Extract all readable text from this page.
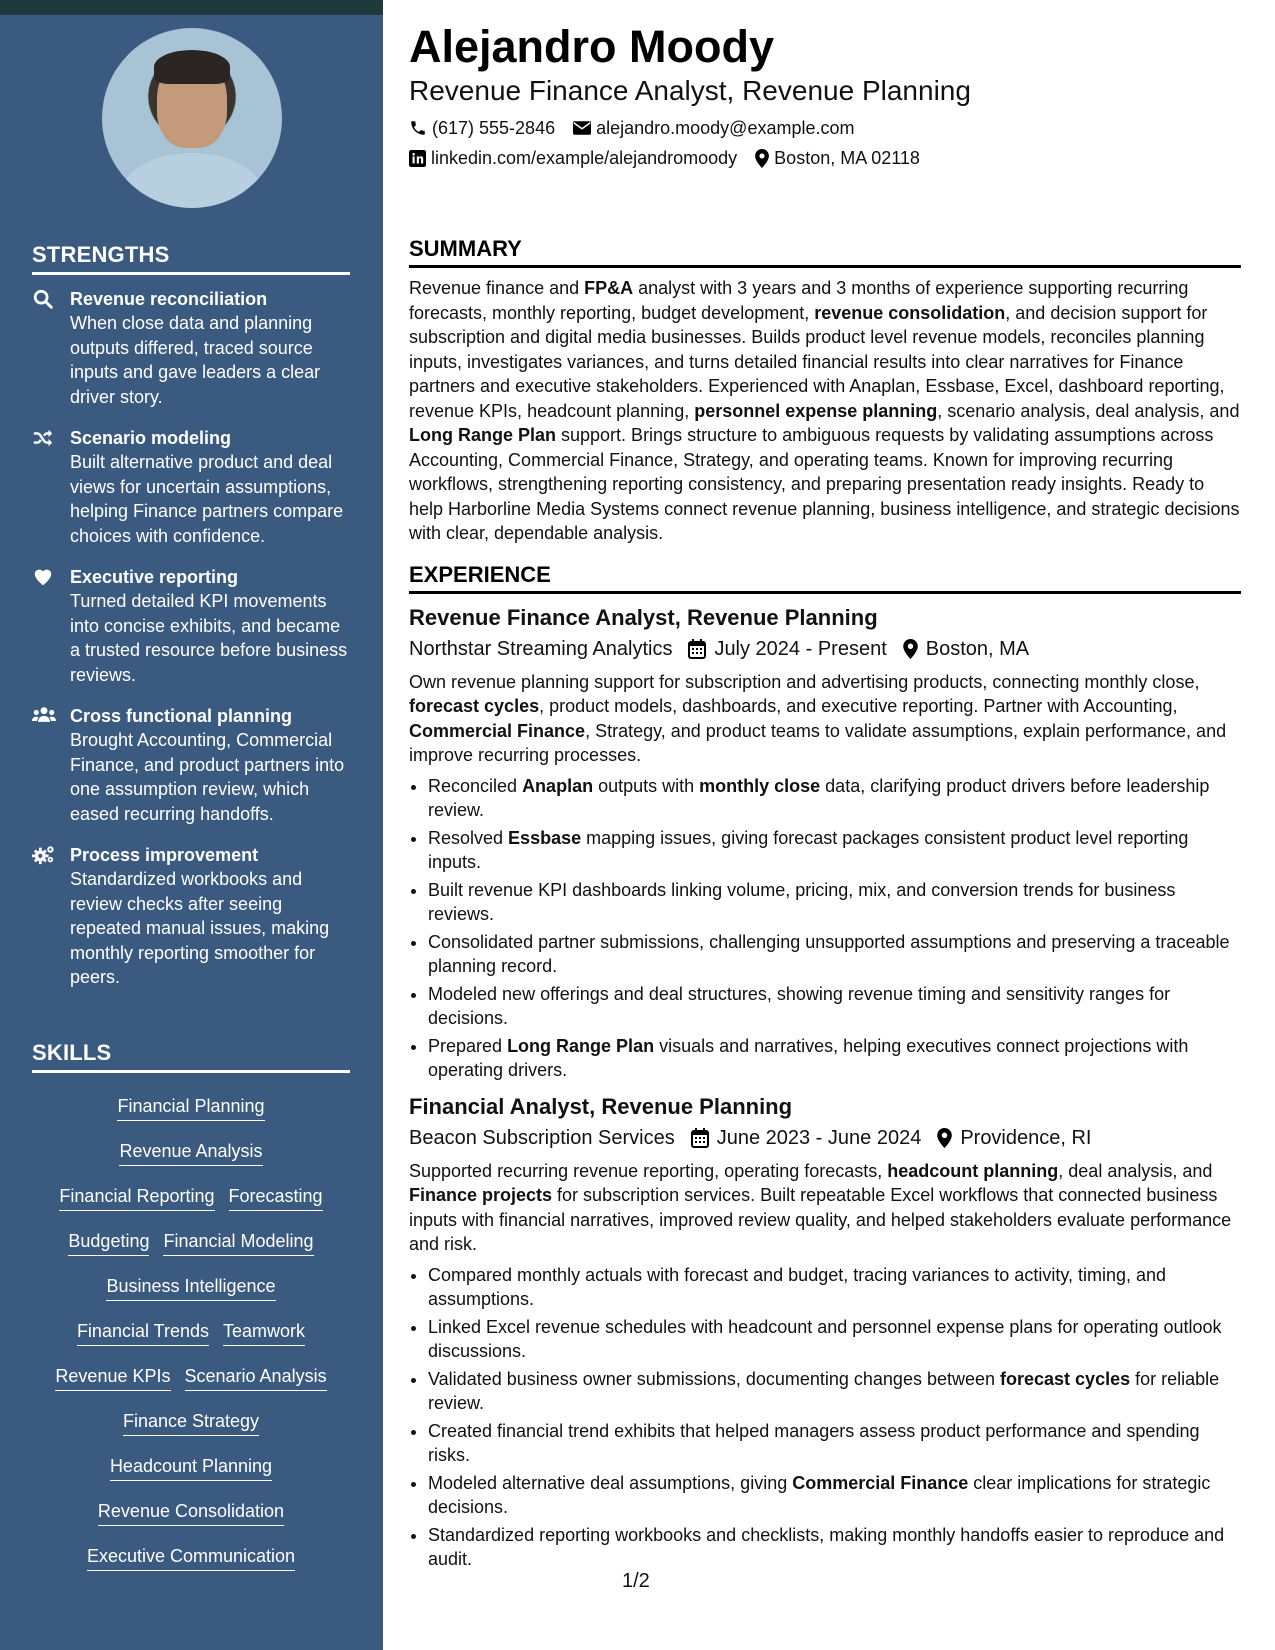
STRENGTHS
Revenue reconciliation
When close data and planning outputs differed, traced source inputs and gave leaders a clear driver story.
Scenario modeling
Built alternative product and deal views for uncertain assumptions, helping Finance partners compare choices with confidence.
Executive reporting
Turned detailed KPI movements into concise exhibits, and became a trusted resource before business reviews.
Cross functional planning
Brought Accounting, Commercial Finance, and product partners into one assumption review, which eased recurring handoffs.
Process improvement
Standardized workbooks and review checks after seeing repeated manual issues, making monthly reporting smoother for peers.
SKILLS
Financial Planning
Revenue Analysis
Financial Reporting Forecasting
Budgeting Financial Modeling
Business Intelligence
Financial Trends Teamwork
Revenue KPIs Scenario Analysis
Finance Strategy
Headcount Planning
Revenue Consolidation
Executive Communication
Alejandro Moody
Revenue Finance Analyst, Revenue Planning
(617) 555-2846 alejandro.moody@example.com
linkedin.com/example/alejandromoody Boston, MA 02118
SUMMARY

Revenue finance and FP&A analyst with 3 years and 3 months of experience supporting recurring forecasts, monthly reporting, budget development, revenue consolidation, and decision support for subscription and digital media businesses. Builds product level revenue models, reconciles planning inputs, investigates variances, and turns detailed financial results into clear narratives for Finance partners and executive stakeholders. Experienced with Anaplan, Essbase, Excel, dashboard reporting, revenue KPIs, headcount planning, personnel expense planning, scenario analysis, deal analysis, and Long Range Plan support. Brings structure to ambiguous requests by validating assumptions across Accounting, Commercial Finance, Strategy, and operating teams. Known for improving recurring workflows, strengthening reporting consistency, and preparing presentation ready insights. Ready to help Harborline Media Systems connect revenue planning, business intelligence, and strategic decisions with clear, dependable analysis.

EXPERIENCE
Revenue Finance Analyst, Revenue Planning
Northstar Streaming Analytics July 2024 - Present Boston, MA

Own revenue planning support for subscription and advertising products, connecting monthly close, forecast cycles, product models, dashboards, and executive reporting. Partner with Accounting, Commercial Finance, Strategy, and product teams to validate assumptions, explain performance, and improve recurring processes.

• Reconciled Anaplan outputs with monthly close data, clarifying product drivers before leadership review.
• Resolved Essbase mapping issues, giving forecast packages consistent product level reporting inputs.
• Built revenue KPI dashboards linking volume, pricing, mix, and conversion trends for business reviews.
• Consolidated partner submissions, challenging unsupported assumptions and preserving a traceable planning record.
• Modeled new offerings and deal structures, showing revenue timing and sensitivity ranges for decisions.
• Prepared Long Range Plan visuals and narratives, helping executives connect projections with operating drivers.
Financial Analyst, Revenue Planning
Beacon Subscription Services June 2023 - June 2024 Providence, RI

Supported recurring revenue reporting, operating forecasts, headcount planning, deal analysis, and Finance projects for subscription services. Built repeatable Excel workflows that connected business inputs with financial narratives, improved review quality, and helped stakeholders evaluate performance and risk.

• Compared monthly actuals with forecast and budget, tracing variances to activity, timing, and assumptions.
• Linked Excel revenue schedules with headcount and personnel expense plans for operating outlook discussions.
• Validated business owner submissions, documenting changes between forecast cycles for reliable review.
• Created financial trend exhibits that helped managers assess product performance and spending risks.
• Modeled alternative deal assumptions, giving Commercial Finance clear implications for strategic decisions.
• Standardized reporting workbooks and checklists, making monthly handoffs easier to reproduce and audit.
1/2
